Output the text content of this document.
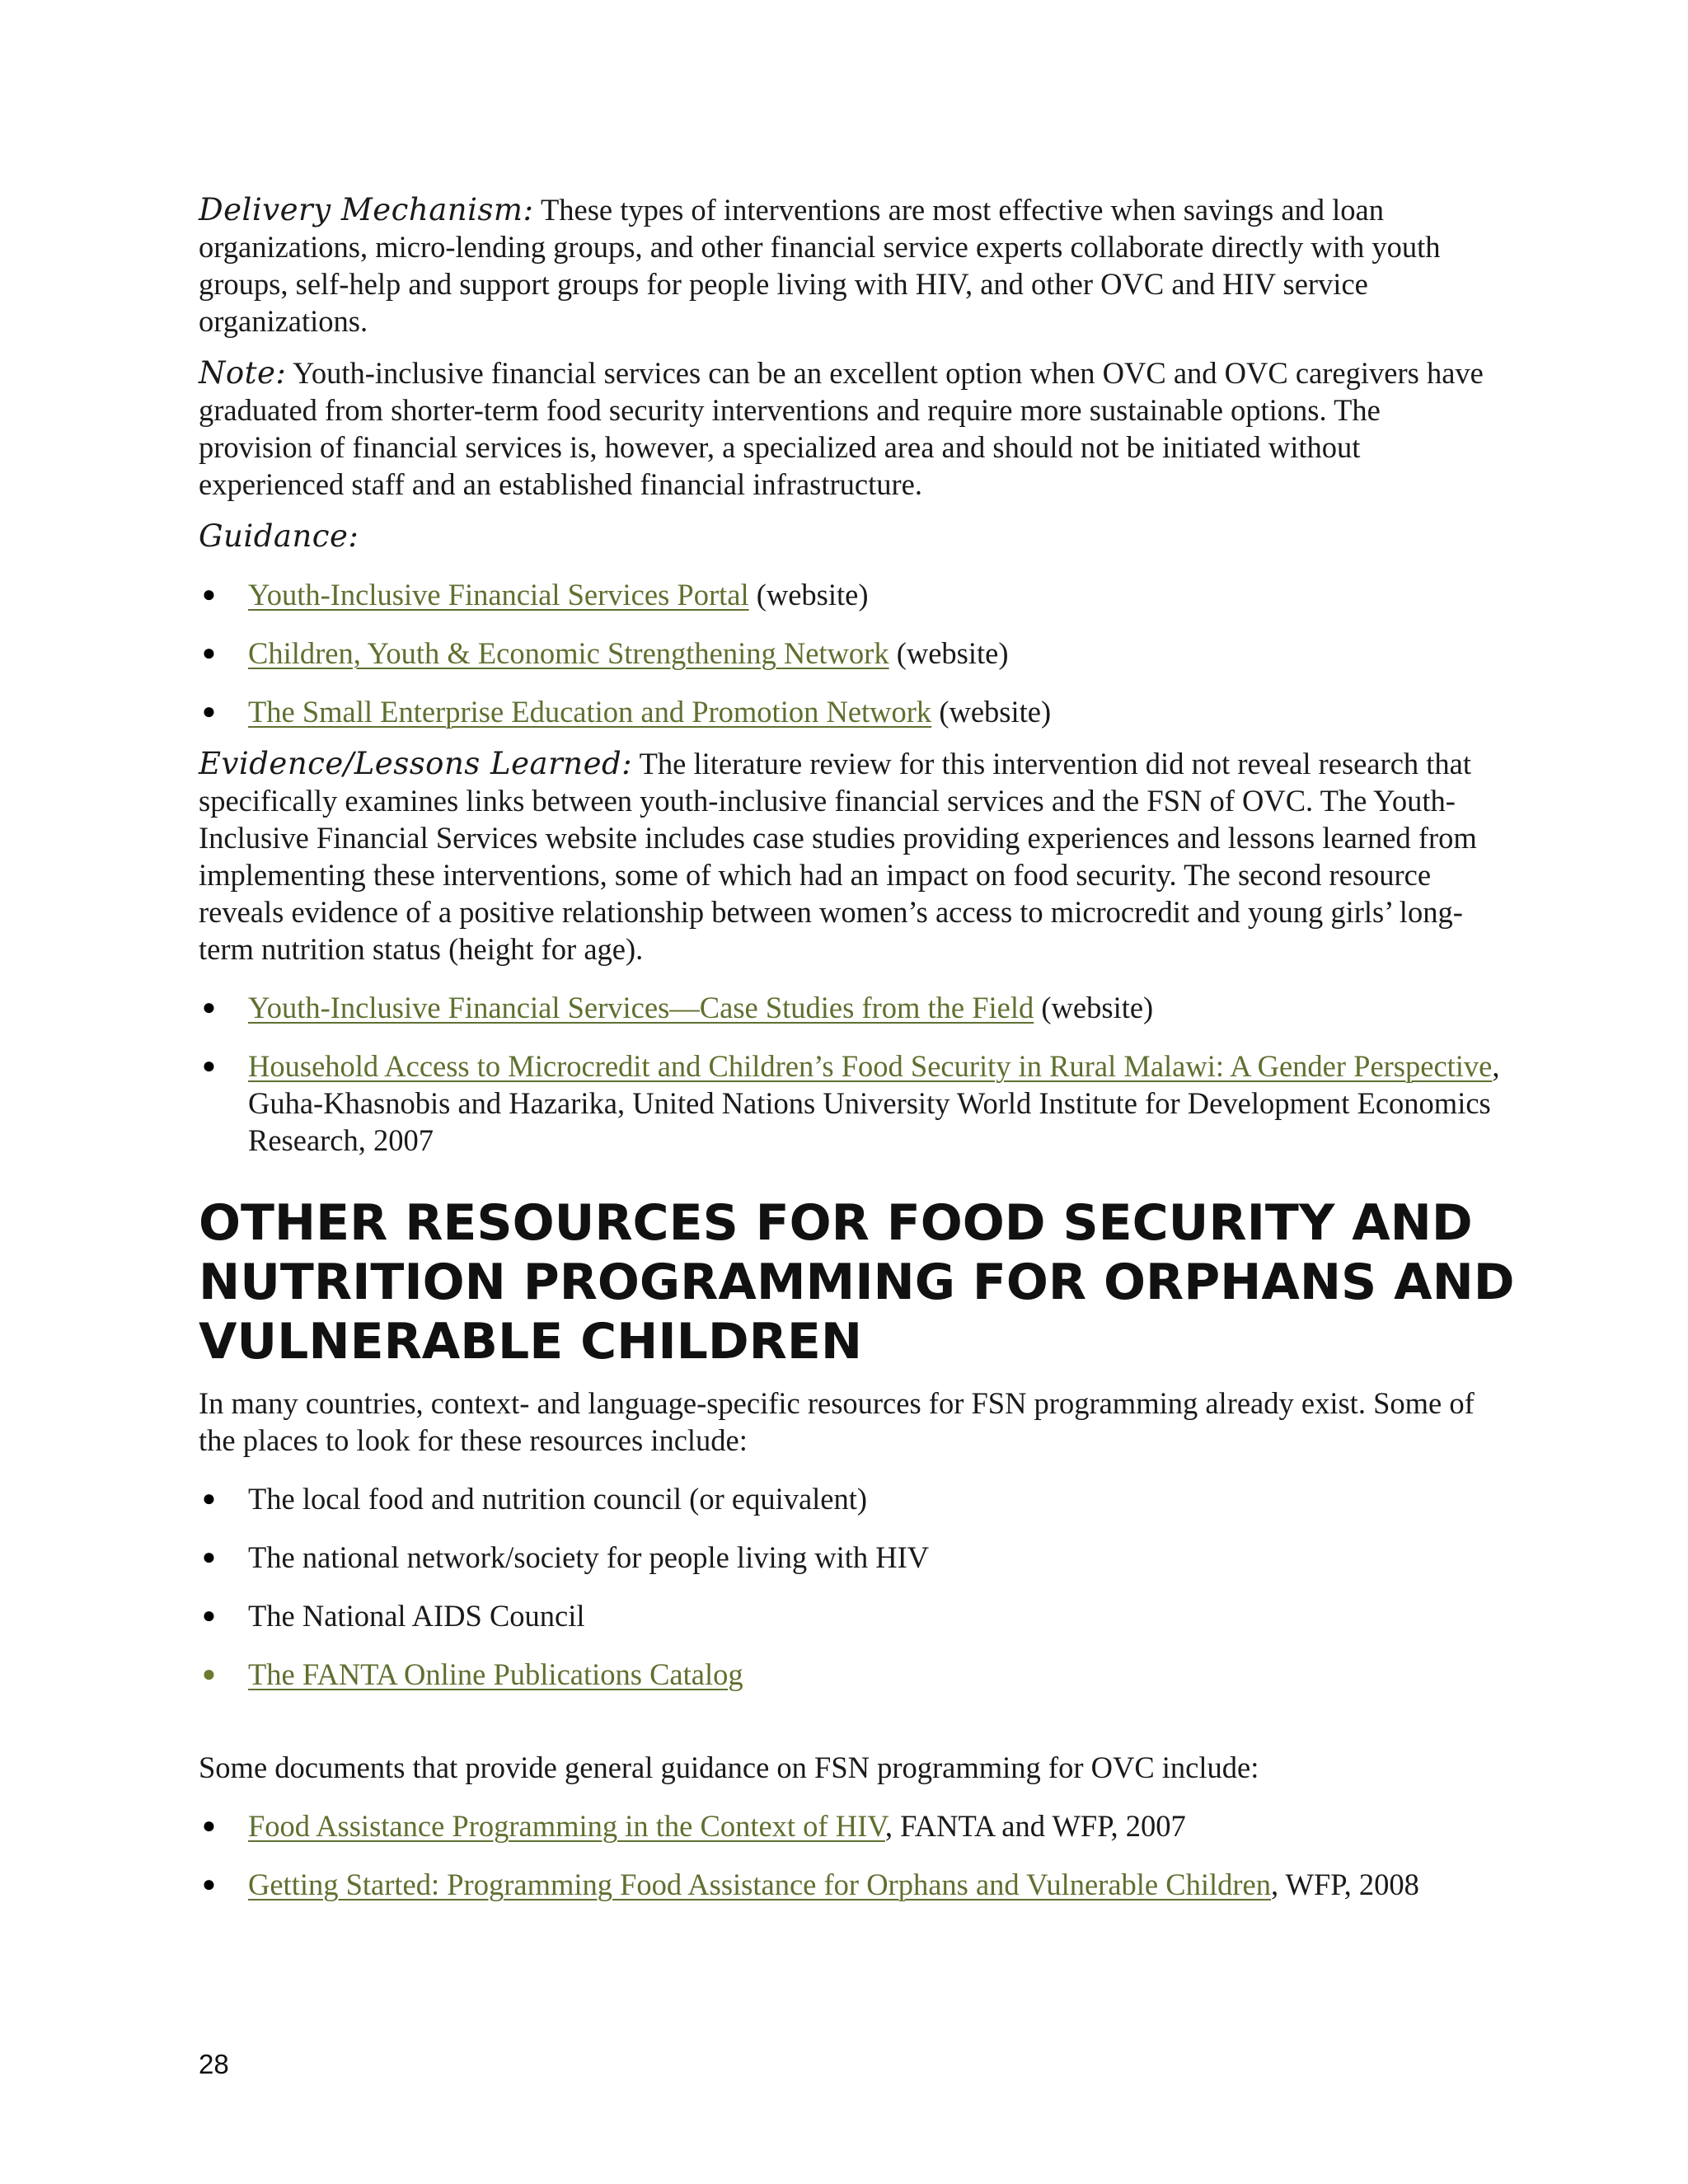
Delivery Mechanism: These types of interventions are most effective when savings and loan organizations, micro-lending groups, and other financial service experts collaborate directly with youth groups, self-help and support groups for people living with HIV, and other OVC and HIV service organizations.

Note: Youth-inclusive financial services can be an excellent option when OVC and OVC caregivers have graduated from shorter-term food security interventions and require more sustainable options. The provision of financial services is, however, a specialized area and should not be initiated without experienced staff and an established financial infrastructure.

Guidance:

● Youth-Inclusive Financial Services Portal (website)
● Children, Youth & Economic Strengthening Network (website)
● The Small Enterprise Education and Promotion Network (website)

Evidence/Lessons Learned: The literature review for this intervention did not reveal research that specifically examines links between youth-inclusive financial services and the FSN of OVC. The Youth-Inclusive Financial Services website includes case studies providing experiences and lessons learned from implementing these interventions, some of which had an impact on food security. The second resource reveals evidence of a positive relationship between women’s access to microcredit and young girls’ long-term nutrition status (height for age).

● Youth-Inclusive Financial Services—Case Studies from the Field (website)
● Household Access to Microcredit and Children’s Food Security in Rural Malawi: A Gender Perspective, Guha-Khasnobis and Hazarika, United Nations University World Institute for Development Economics Research, 2007
OTHER RESOURCES FOR FOOD SECURITY AND NUTRITION PROGRAMMING FOR ORPHANS AND VULNERABLE CHILDREN

In many countries, context- and language-specific resources for FSN programming already exist. Some of the places to look for these resources include:

● The local food and nutrition council (or equivalent)
● The national network/society for people living with HIV
● The National AIDS Council
● The FANTA Online Publications Catalog

Some documents that provide general guidance on FSN programming for OVC include:

● Food Assistance Programming in the Context of HIV, FANTA and WFP, 2007
● Getting Started: Programming Food Assistance for Orphans and Vulnerable Children, WFP, 2008
28
